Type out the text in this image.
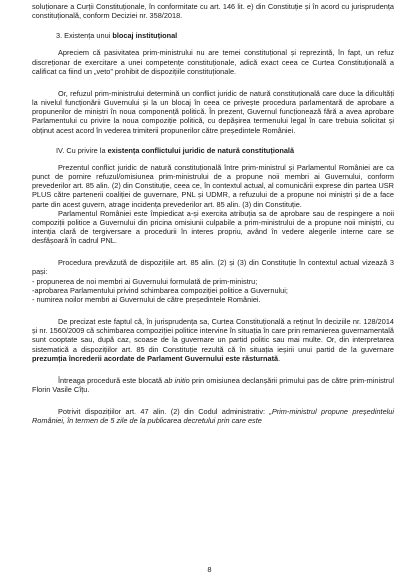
soluționare a Curții Constituționale, în conformitate cu art. 146 lit. e) din Constituție și în acord cu jurisprudența constituțională, conform Deciziei nr. 358/2018.

3. Existența unui blocaj instituțional

Apreciem că pasivitatea prim-ministrului nu are temei constituțional și reprezintă, în fapt, un refuz discreționar de exercitare a unei competențe constituționale, adică exact ceea ce Curtea Constituțională a calificat ca fiind un „veto” prohibit de dispozițiile constituționale.

Or, refuzul prim-ministrului determină un conflict juridic de natură constituțională care duce la dificultăți la nivelul funcționării Guvernului și la un blocaj în ceea ce privește procedura parlamentară de aprobare a propunerilor de miniștri în noua componență politică. În prezent, Guvernul funcționează fără a avea aprobare Parlamentului cu privire la noua compoziție politică, cu depășirea termenului legal în care trebuia solicitat și obținut acest acord în vederea trimiterii propunerilor către președintele României.

IV. Cu privire la existența conflictului juridic de natură constituțională

Prezentul conflict juridic de natură constituțională între prim-ministrul și Parlamentul României are ca punct de pornire refuzul/omisiunea prim-ministrului de a propune noii membri ai Guvernului, conform prevederilor art. 85 alin. (2) din Constituție, ceea ce, în contextul actual, al comunicării exprese din partea USR PLUS către partenerii coaliției de guvernare, PNL și UDMR, a refuzului de a propune noi miniștri și de a face parte din acest guvern, atrage incidența prevederilor art. 85 alin. (3) din Constituție.

Parlamentul României este împiedicat a-și exercita atribuția sa de aprobare sau de respingere a noii compoziții politice a Guvernului din pricina omisiunii culpabile a prim-ministrului de a propune noii miniștri, cu intenția clară de tergiversare a procedurii în interes propriu, având în vedere alegerile interne care se desfășoară în cadrul PNL.

Procedura prevăzută de dispozițiile art. 85 alin. (2) și (3) din Constituție în contextul actual vizează 3 pași:

- propunerea de noi membri ai Guvernului formulată de prim-ministru;

-aprobarea Parlamentului privind schimbarea compoziției politice a Guvernului;

- numirea noilor membri ai Guvernului de către președintele României.

De precizat este faptul că, în jurisprudența sa, Curtea Constituțională a reținut în deciziile nr. 128/2014 și nr. 1560/2009 că schimbarea compoziției politice intervine în situația în care prin remanierea guvernamentală sunt cooptate sau, după caz, scoase de la guvernare un partid politic sau mai multe. Or, din interpretarea sistematică a dispozițiilor art. 85 din Constituție rezultă că în situația ieșirii unui partid de la guvernare prezumția încrederii acordate de Parlament Guvernului este răsturnată.

Întreaga procedură este blocată ab initio prin omisiunea declanșării primului pas de către prim-ministrul Florin Vasile Cîțu.

Potrivit dispozițiilor art. 47 alin. (2) din Codul administrativ: „Prim-ministrul propune președintelui României, în termen de 5 zile de la publicarea decretului prin care este

8
